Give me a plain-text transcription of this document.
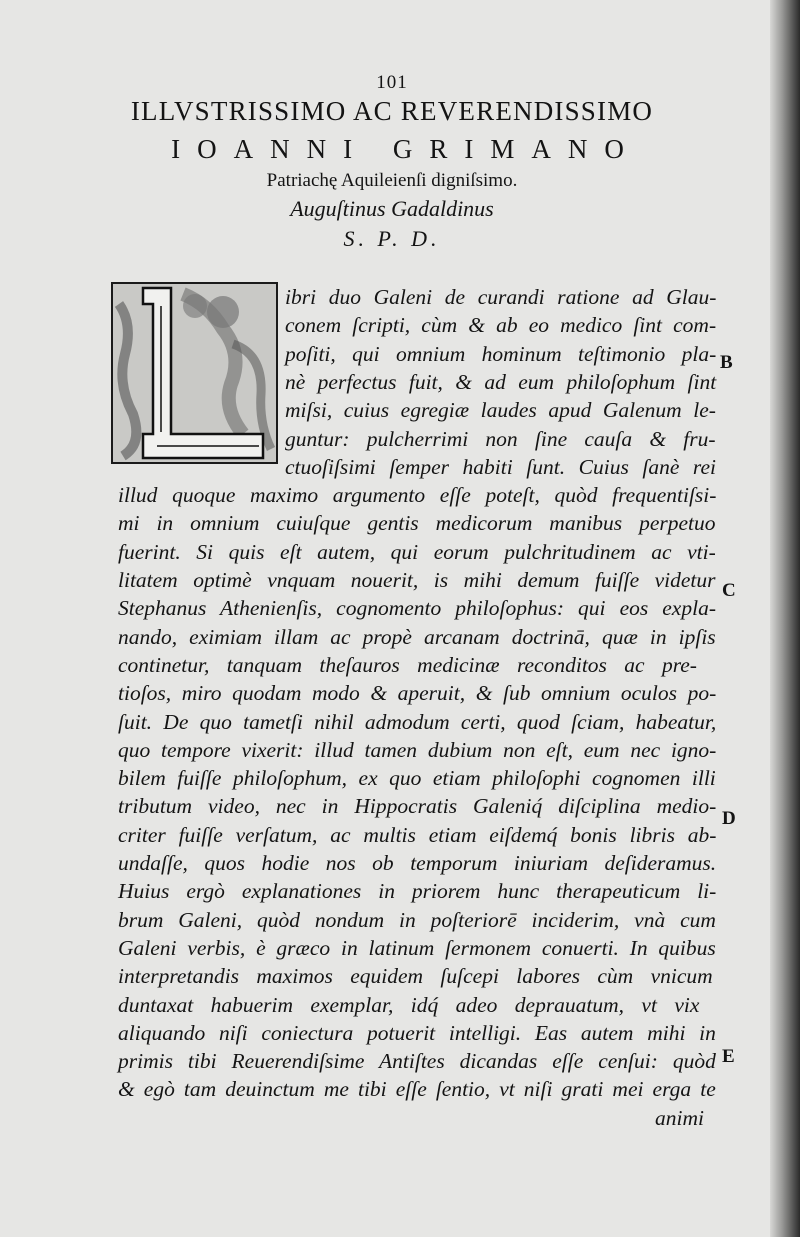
101
ILLVSTRISSIMO AC REVERENDISSIMO
IOANNI GRIMANO
Patriachę Aquileienſi digniſsimo.
Auguſtinus Gadaldinus
S. P. D.
ibri duo Galeni de curandi ratione ad Glau-
conem ſcripti, cùm & ab eo medico ſint com-
poſiti, qui omnium hominum teſtimonio pla-
nè perfectus fuit, & ad eum philoſophum ſint
miſsi, cuius egregiæ laudes apud Galenum le-
guntur: pulcherrimi non ſine cauſa & fru-
ctuoſiſsimi ſemper habiti ſunt. Cuius ſanè rei
illud quoque maximo argumento eſſe poteſt, quòd frequentiſsi-
mi in omnium cuiuſque gentis medicorum manibus perpetuo
fuerint. Si quis eſt autem, qui eorum pulchritudinem ac vti-
litatem optimè vnquam nouerit, is mihi demum fuiſſe videtur
Stephanus Athenienſis, cognomento philoſophus: qui eos expla-
nando, eximiam illam ac propè arcanam doctrinā, quæ in ipſis
continetur, tanquam theſauros medicinæ reconditos ac pre-
tioſos, miro quodam modo & aperuit, & ſub omnium oculos po-
ſuit. De quo tametſi nihil admodum certi, quod ſciam, habeatur,
quo tempore vixerit: illud tamen dubium non eſt, eum nec igno-
bilem fuiſſe philoſophum, ex quo etiam philoſophi cognomen illi
tributum video, nec in Hippocratis Galeniq́ diſciplina medio-
criter fuiſſe verſatum, ac multis etiam eiſdemq́ bonis libris ab-
undaſſe, quos hodie nos ob temporum iniuriam deſideramus.
Huius ergò explanationes in priorem hunc therapeuticum li-
brum Galeni, quòd nondum in poſteriorē inciderim, vnà cum
Galeni verbis, è græco in latinum ſermonem conuerti. In quibus
interpretandis maximos equidem ſuſcepi labores cùm vnicum
duntaxat habuerim exemplar, idq́ adeo deprauatum, vt vix
aliquando niſi coniectura potuerit intelligi. Eas autem mihi in
primis tibi Reuerendiſsime Antiſtes dicandas eſſe cenſui: quòd
& egò tam deuinctum me tibi eſſe ſentio, vt niſi grati mei erga te
animi
B
C
D
E
